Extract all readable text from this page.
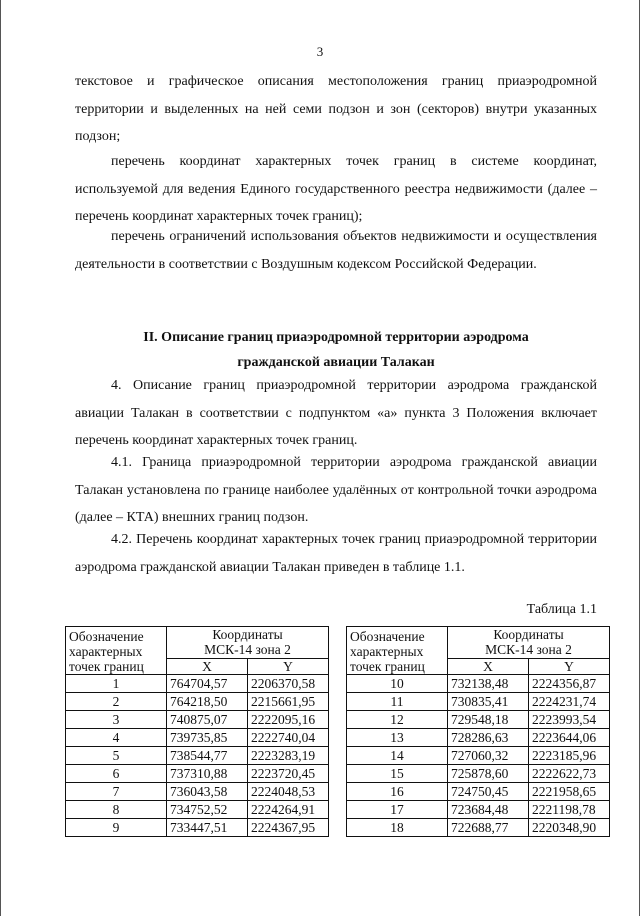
3

текстовое и графическое описания местоположения границ приаэродромной территории и выделенных на ней семи подзон и зон (секторов) внутри указанных подзон;

перечень координат характерных точек границ в системе координат, используемой для ведения Единого государственного реестра недвижимости (далее – перечень координат характерных точек границ);

перечень ограничений использования объектов недвижимости и осуществления деятельности в соответствии с Воздушным кодексом Российской Федерации.

II. Описание границ приаэродромной территории аэродрома
гражданской авиации Талакан

4. Описание границ приаэродромной территории аэродрома гражданской авиации Талакан в соответствии с подпунктом «а» пункта 3 Положения включает перечень координат характерных точек границ.

4.1. Граница приаэродромной территории аэродрома гражданской авиации Талакан установлена по границе наиболее удалённых от контрольной точки аэродрома (далее – КТА) внешних границ подзон.

4.2. Перечень координат характерных точек границ приаэродромной территории аэродрома гражданской авиации Талакан приведен в таблице 1.1.

Таблица 1.1
Обозначение
характерных
точек границ	Координаты
МСК-14 зона 2	
	X	Y
1	764704,57	2206370,58
2	764218,50	2215661,95
3	740875,07	2222095,16
4	739735,85	2222740,04
5	738544,77	2223283,19
6	737310,88	2223720,45
7	736043,58	2224048,53
8	734752,52	2224264,91
9	733447,51	2224367,95
Обозначение
характерных
точек границ	Координаты
МСК-14 зона 2	
	X	Y
10	732138,48	2224356,87
11	730835,41	2224231,74
12	729548,18	2223993,54
13	728286,63	2223644,06
14	727060,32	2223185,96
15	725878,60	2222622,73
16	724750,45	2221958,65
17	723684,48	2221198,78
18	722688,77	2220348,90
